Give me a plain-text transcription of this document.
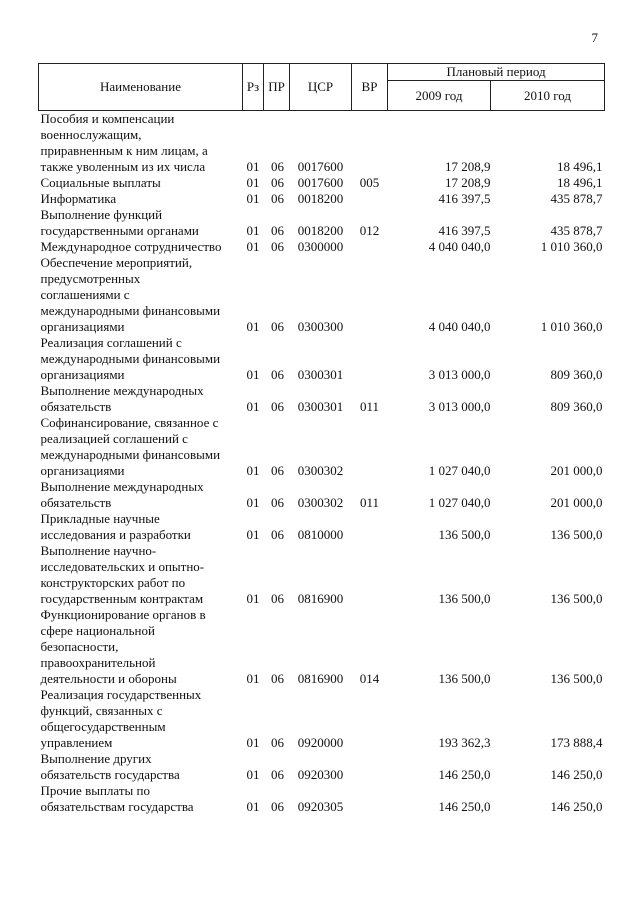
7
Наименование	Рз	ПР	ЦСР	ВР	Плановый период	
					2009 год	2010 год

Пособия и компенсации
военнослужащим,
приравненным к ним лицам, а
также уволенным из их числа	01	06	0017600		17 208,9	18 496,1

Социальные выплаты	01	06	0017600	005	17 208,9	18 496,1

Информатика	01	06	0018200		416 397,5	435 878,7

Выполнение функций
государственными органами	01	06	0018200	012	416 397,5	435 878,7

Международное сотрудничество	01	06	0300000		4 040 040,0	1 010 360,0

Обеспечение мероприятий,
предусмотренных
соглашениями с
международными финансовыми
организациями	01	06	0300300		4 040 040,0	1 010 360,0

Реализация соглашений с
международными финансовыми
организациями	01	06	0300301		3 013 000,0	809 360,0

Выполнение международных
обязательств	01	06	0300301	011	3 013 000,0	809 360,0

Софинансирование, связанное с
реализацией соглашений с
международными финансовыми
организациями	01	06	0300302		1 027 040,0	201 000,0

Выполнение международных
обязательств	01	06	0300302	011	1 027 040,0	201 000,0

Прикладные научные
исследования и разработки	01	06	0810000		136 500,0	136 500,0

Выполнение научно-
исследовательских и опытно-
конструкторских работ по
государственным контрактам	01	06	0816900		136 500,0	136 500,0

Функционирование органов в
сфере национальной
безопасности,
правоохранительной
деятельности и обороны	01	06	0816900	014	136 500,0	136 500,0

Реализация государственных
функций, связанных с
общегосударственным
управлением	01	06	0920000		193 362,3	173 888,4

Выполнение других
обязательств государства	01	06	0920300		146 250,0	146 250,0

Прочие выплаты по
обязательствам государства	01	06	0920305		146 250,0	146 250,0
